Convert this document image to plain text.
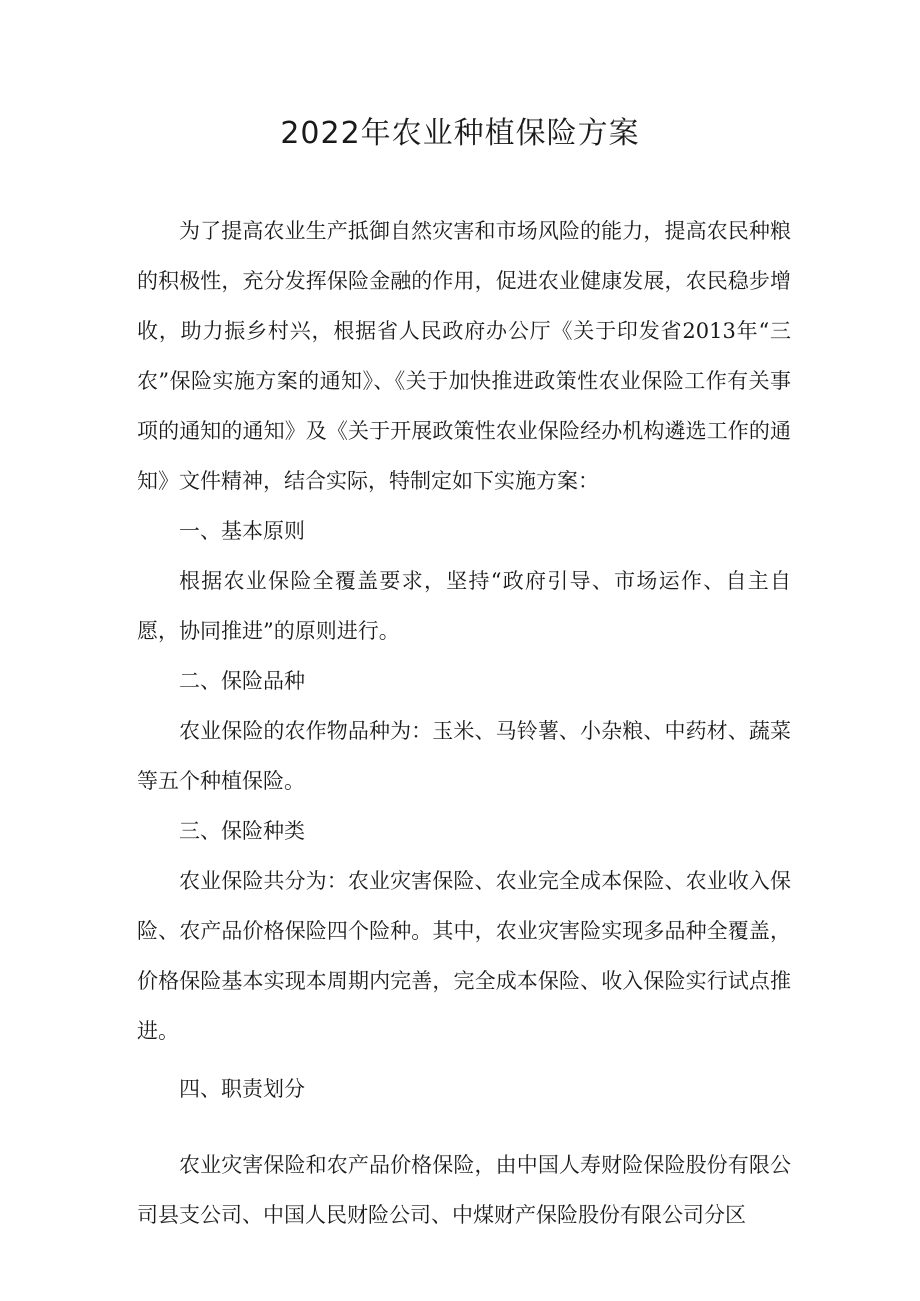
2022年农业种植保险方案

为了提高农业生产抵御自然灾害和市场风险的能力，提高农民种粮的积极性，充分发挥保险金融的作用，促进农业健康发展，农民稳步增收，助力振乡村兴，根据省人民政府办公厅《关于印发省2013年“三农”保险实施方案的通知》、《关于加快推进政策性农业保险工作有关事项的通知的通知》及《关于开展政策性农业保险经办机构遴选工作的通知》文件精神，结合实际，特制定如下实施方案：

一、基本原则

根据农业保险全覆盖要求，坚持“政府引导、市场运作、自主自愿，协同推进”的原则进行。

二、保险品种

农业保险的农作物品种为：玉米、马铃薯、小杂粮、中药材、蔬菜等五个种植保险。

三、保险种类

农业保险共分为：农业灾害保险、农业完全成本保险、农业收入保险、农产品价格保险四个险种。其中，农业灾害险实现多品种全覆盖，价格保险基本实现本周期内完善，完全成本保险、收入保险实行试点推进。

四、职责划分

农业灾害保险和农产品价格保险，由中国人寿财险保险股份有限公司县支公司、中国人民财险公司、中煤财产保险股份有限公司分区
